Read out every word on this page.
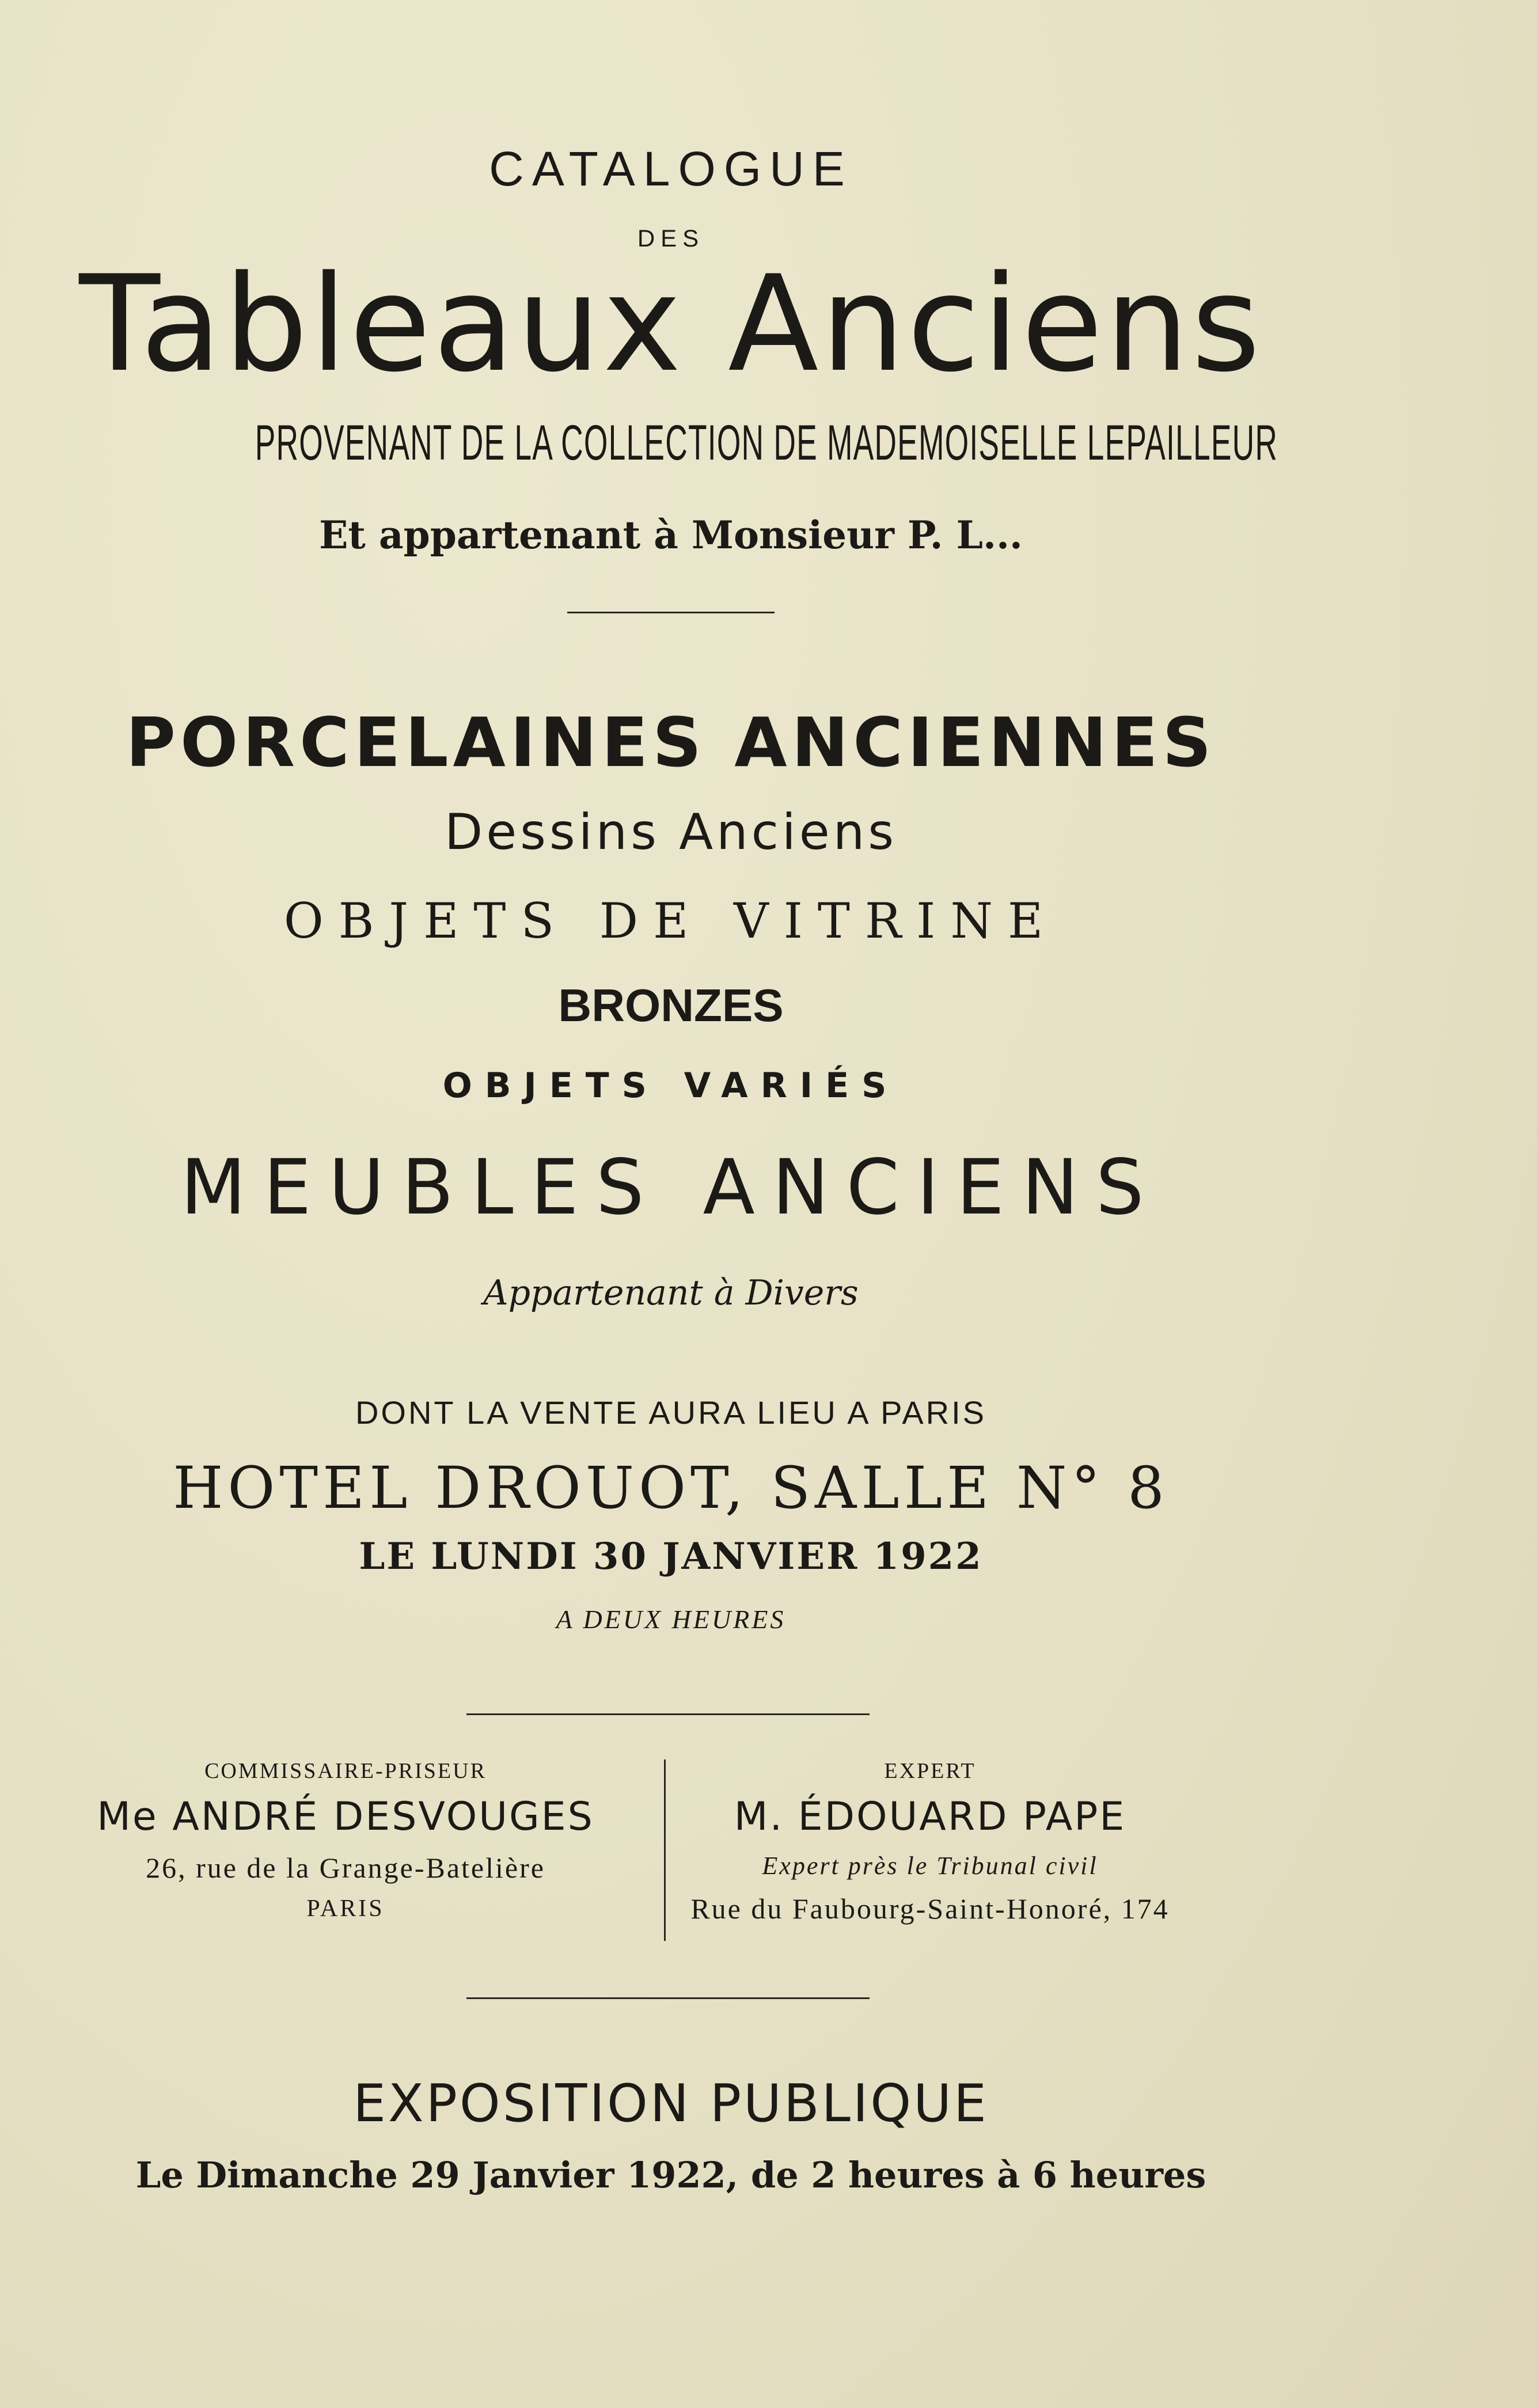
CATALOGUE
DES
Tableaux Anciens
PROVENANT DE LA COLLECTION DE MADEMOISELLE LEPAILLEUR
Et appartenant à Monsieur P. L...
PORCELAINES ANCIENNES
Dessins Anciens
OBJETS DE VITRINE
BRONZES
OBJETS VARIÉS
MEUBLES ANCIENS
Appartenant à Divers
DONT LA VENTE AURA LIEU A PARIS
HOTEL DROUOT, SALLE N° 8
LE LUNDI 30 JANVIER 1922
A DEUX HEURES
COMMISSAIRE-PRISEUR
Me ANDRÉ DESVOUGES
26, rue de la Grange-Batelière
PARIS
EXPERT
M. ÉDOUARD PAPE
Expert près le Tribunal civil
Rue du Faubourg-Saint-Honoré, 174
EXPOSITION PUBLIQUE
Le Dimanche 29 Janvier 1922, de 2 heures à 6 heures
